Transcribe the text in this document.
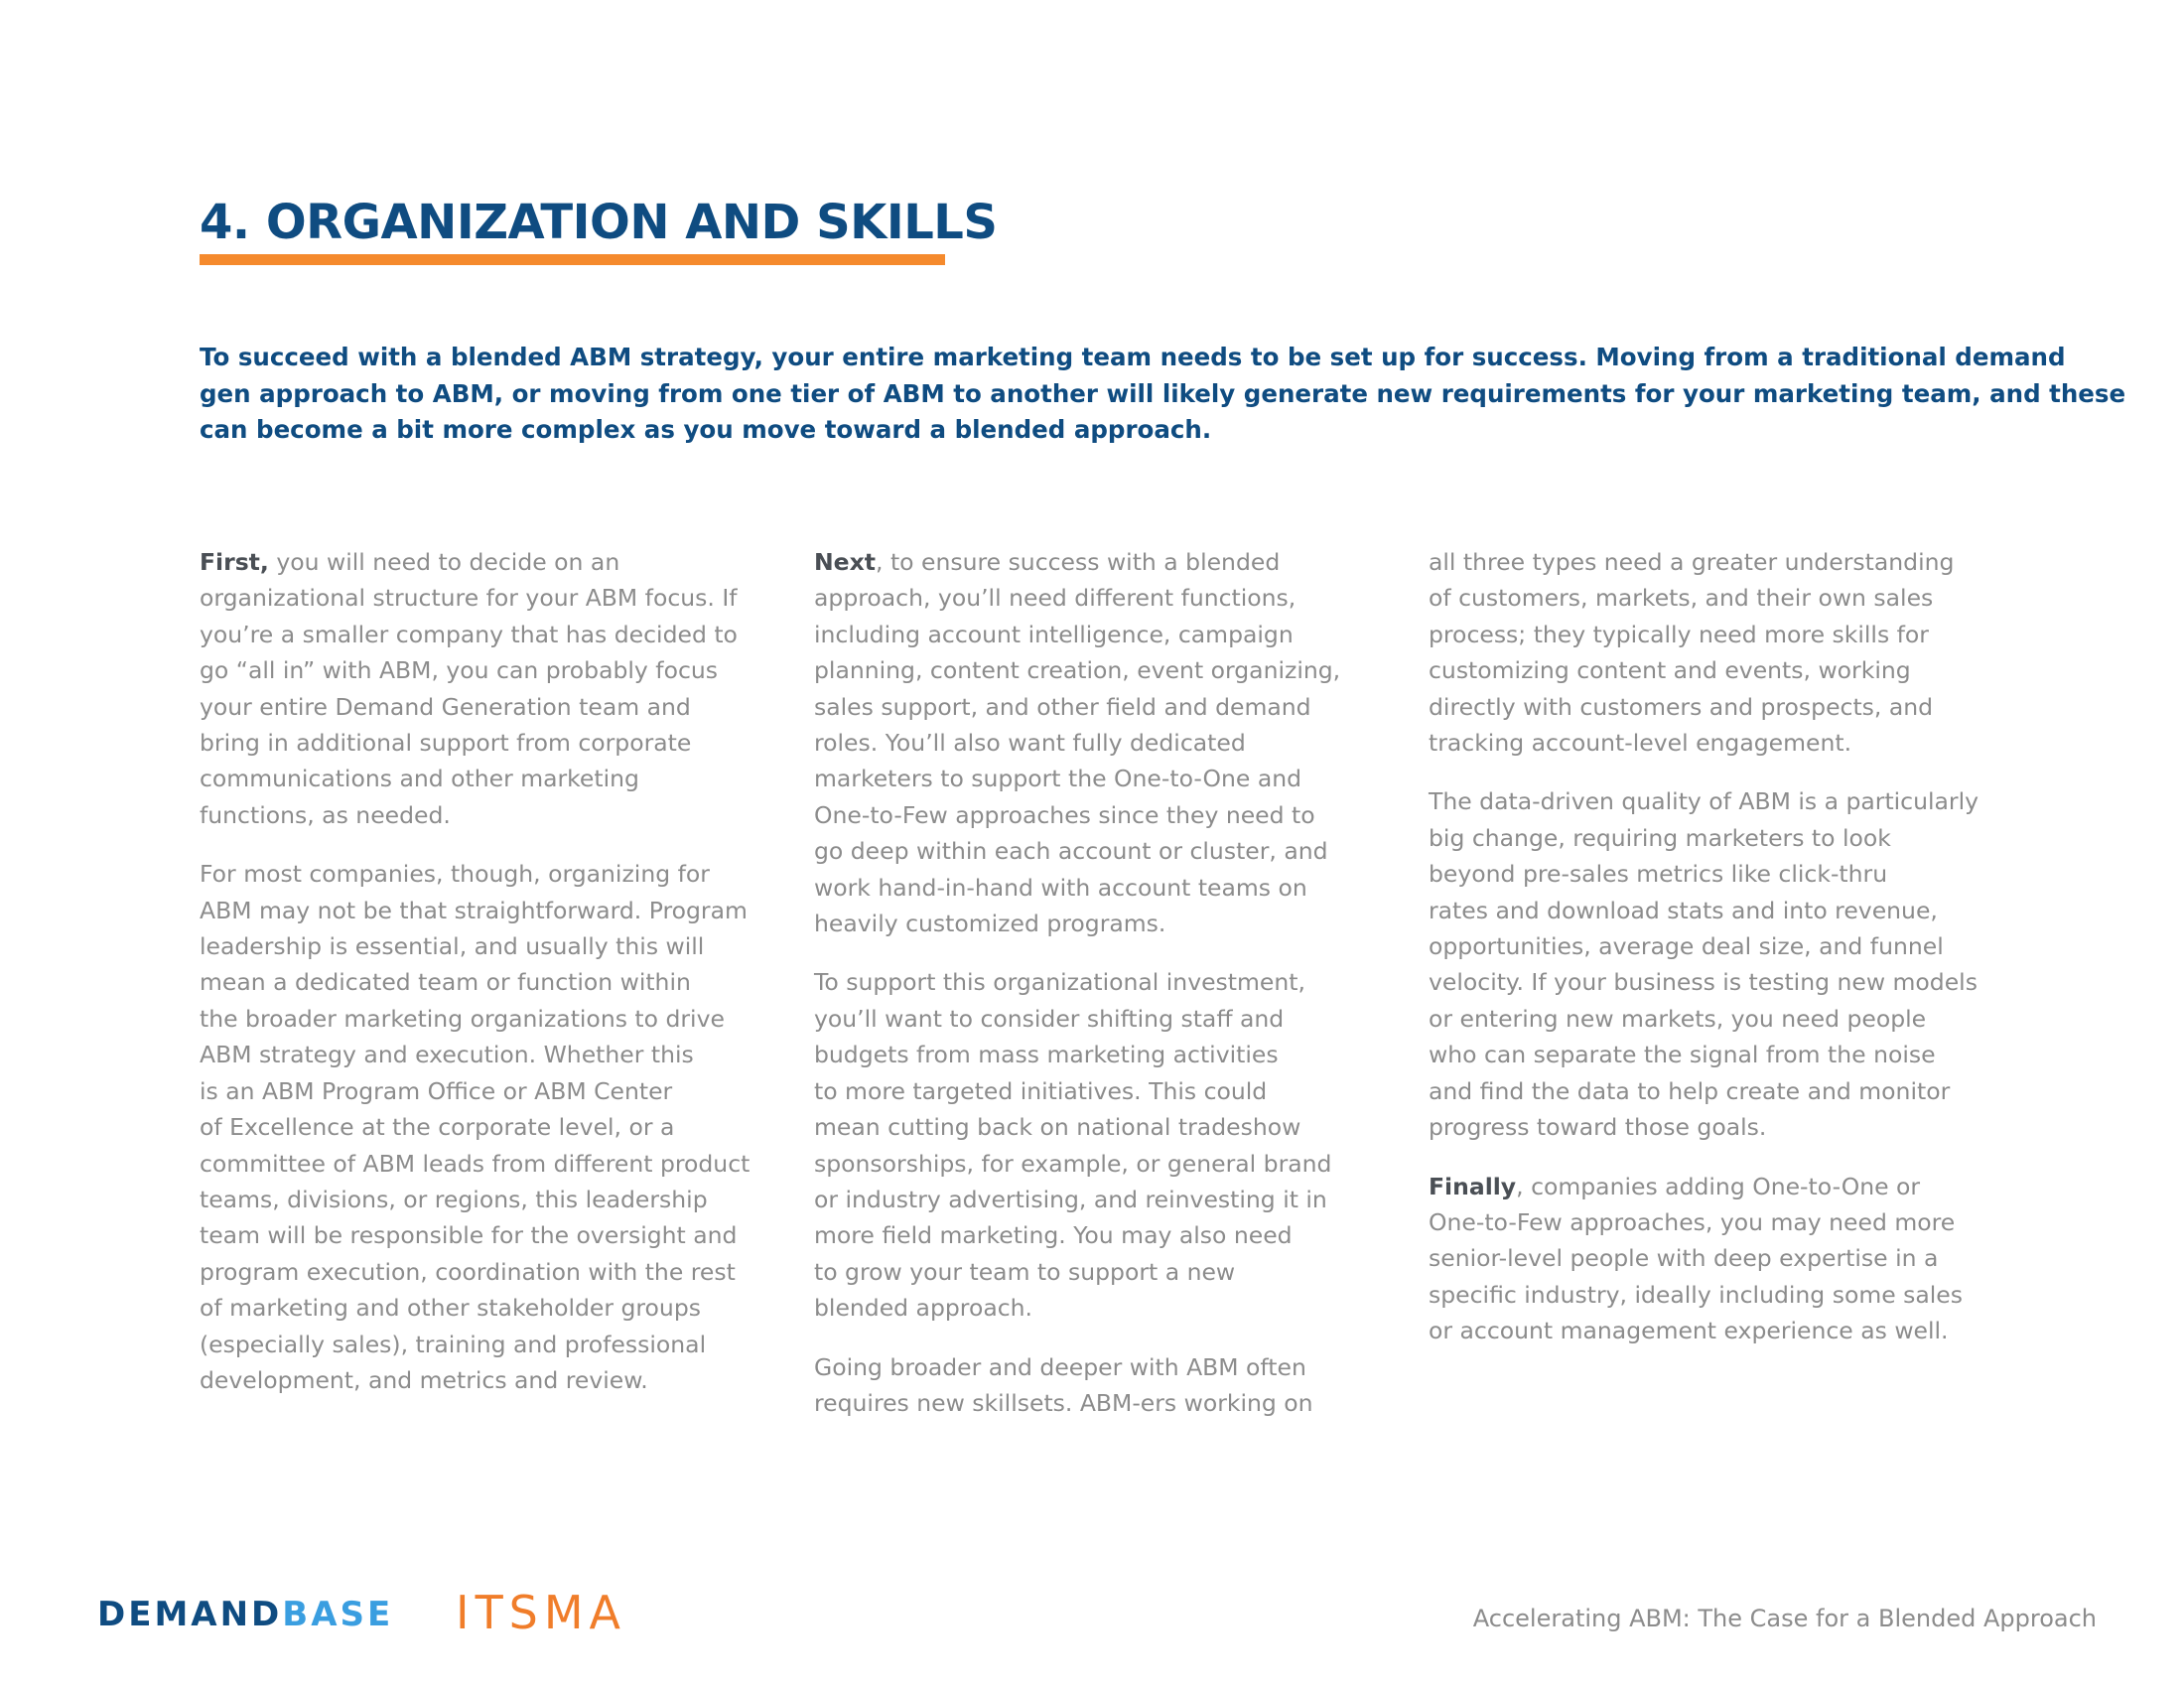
4. ORGANIZATION AND SKILLS

To succeed with a blended ABM strategy, your entire marketing team needs to be set up for success. Moving from a traditional demand
gen approach to ABM, or moving from one tier of ABM to another will likely generate new requirements for your marketing team, and these
can become a bit more complex as you move toward a blended approach.

First, you will need to decide on an
organizational structure for your ABM focus. If
you’re a smaller company that has decided to
go “all in” with ABM, you can probably focus
your entire Demand Generation team and
bring in additional support from corporate
communications and other marketing
functions, as needed.

For most companies, though, organizing for
ABM may not be that straightforward. Program
leadership is essential, and usually this will
mean a dedicated team or function within
the broader marketing organizations to drive
ABM strategy and execution. Whether this
is an ABM Program Office or ABM Center
of Excellence at the corporate level, or a
committee of ABM leads from different product
teams, divisions, or regions, this leadership
team will be responsible for the oversight and
program execution, coordination with the rest
of marketing and other stakeholder groups
(especially sales), training and professional
development, and metrics and review.

Next, to ensure success with a blended
approach, you’ll need different functions,
including account intelligence, campaign
planning, content creation, event organizing,
sales support, and other field and demand
roles. You’ll also want fully dedicated
marketers to support the One-to-One and
One-to-Few approaches since they need to
go deep within each account or cluster, and
work hand-in-hand with account teams on
heavily customized programs.

To support this organizational investment,
you’ll want to consider shifting staff and
budgets from mass marketing activities
to more targeted initiatives. This could
mean cutting back on national tradeshow
sponsorships, for example, or general brand
or industry advertising, and reinvesting it in
more field marketing. You may also need
to grow your team to support a new
blended approach.

Going broader and deeper with ABM often
requires new skillsets. ABM-ers working on

all three types need a greater understanding
of customers, markets, and their own sales
process; they typically need more skills for
customizing content and events, working
directly with customers and prospects, and
tracking account-level engagement.

The data-driven quality of ABM is a particularly
big change, requiring marketers to look
beyond pre-sales metrics like click-thru
rates and download stats and into revenue,
opportunities, average deal size, and funnel
velocity. If your business is testing new models
or entering new markets, you need people
who can separate the signal from the noise
and find the data to help create and monitor
progress toward those goals.

Finally, companies adding One-to-One or
One-to-Few approaches, you may need more
senior-level people with deep expertise in a
specific industry, ideally including some sales
or account management experience as well.

DEMANDBASE ITSMA	Accelerating ABM: The Case for a Blended Approach
